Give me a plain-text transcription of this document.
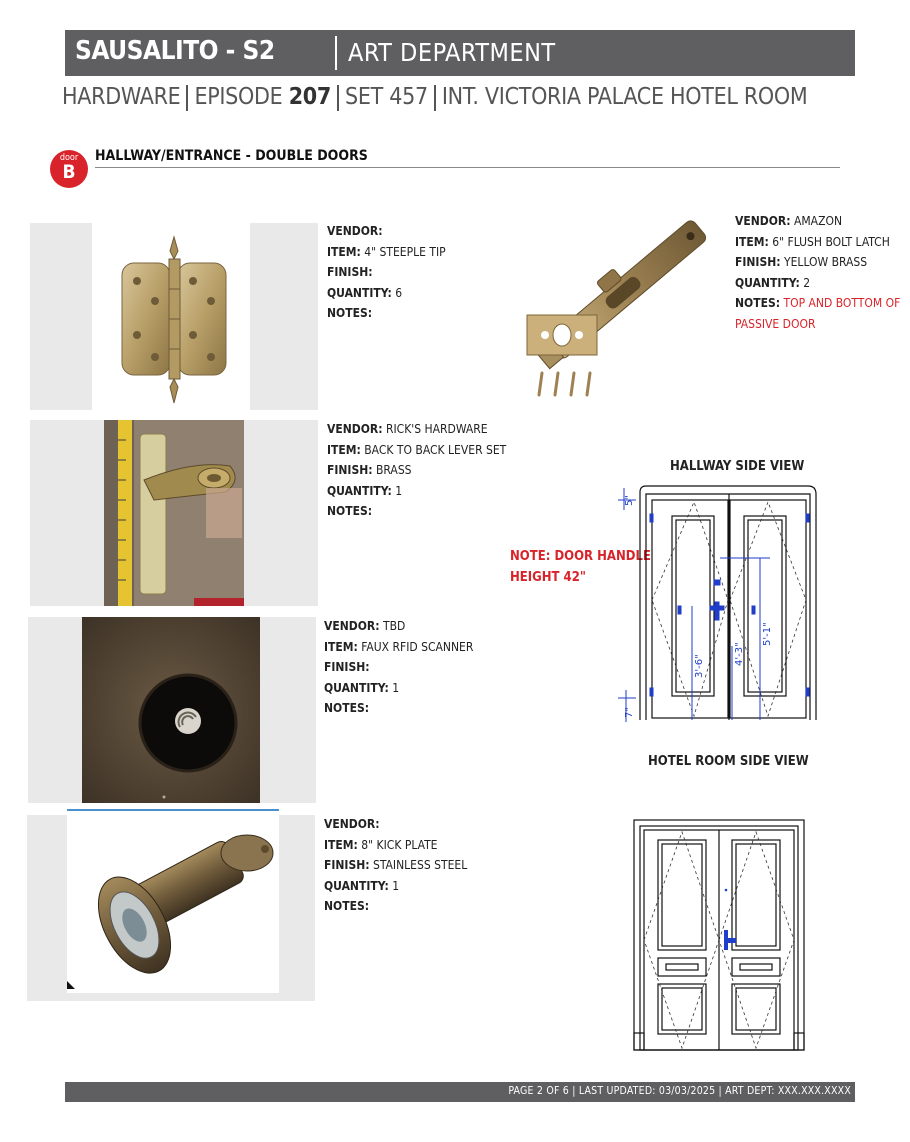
SAUSALITO - S2	ART DEPARTMENT
HARDWARE EPISODE 207 SET 457 INT. VICTORIA PALACE HOTEL ROOM
door
B
HALLWAY/ENTRANCE - DOUBLE DOORS
VENDOR:
ITEM: 4" STEEPLE TIP
FINISH:
QUANTITY: 6
NOTES:
VENDOR: AMAZON
ITEM: 6" FLUSH BOLT LATCH
FINISH: YELLOW BRASS
QUANTITY: 2
NOTES: TOP AND BOTTOM OF
PASSIVE DOOR
VENDOR: RICK'S HARDWARE
ITEM: BACK TO BACK LEVER SET
FINISH: BRASS
QUANTITY: 1
NOTES:
VENDOR: TBD
ITEM: FAUX RFID SCANNER
FINISH:
QUANTITY: 1
NOTES:
VENDOR:
ITEM: 8" KICK PLATE
FINISH: STAINLESS STEEL
QUANTITY: 1
NOTES:
HALLWAY SIDE VIEW
NOTE: DOOR HANDLE
HEIGHT 42"
5"
7"
3'-6"
4'-3"
5'-1"
HOTEL ROOM SIDE VIEW
PAGE 2 OF 6 | LAST UPDATED: 03/03/2025 | ART DEPT: XXX.XXX.XXXX
